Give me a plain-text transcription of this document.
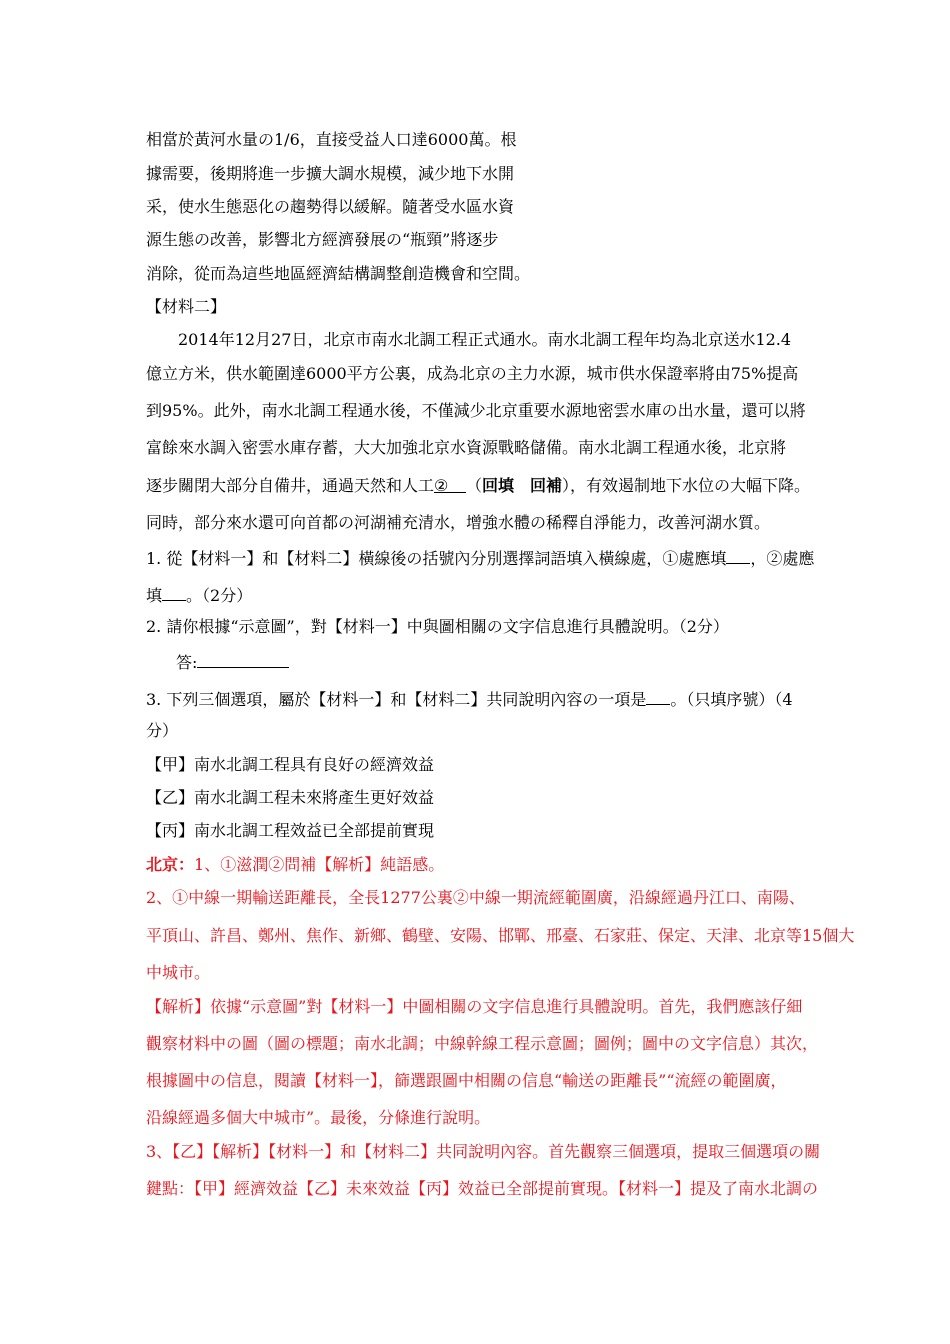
相當於黃河水量の1/6，直接受益人口達6000萬。根
據需要，後期將進一步擴大調水規模，減少地下水開
采，使水生態惡化の趨勢得以緩解。隨著受水區水資
源生態の改善，影響北方經濟發展の“瓶頸”將逐步
消除，從而為這些地區經濟結構調整創造機會和空間。
【材料二】
2014年12月27日，北京市南水北調工程正式通水。南水北調工程年均為北京送水12.4
億立方米，供水範圍達6000平方公裏，成為北京の主力水源，城市供水保證率將由75%提高
到95%。此外，南水北調工程通水後，不僅減少北京重要水源地密雲水庫の出水量，還可以將
富餘來水調入密雲水庫存蓄，大大加強北京水資源戰略儲備。南水北調工程通水後，北京將
逐步關閉大部分自備井，通過天然和人工② （回填　回補），有效遏制地下水位の大幅下降。
同時，部分來水還可向首都の河湖補充清水，增強水體の稀釋自淨能力，改善河湖水質。
1. 從【材料一】和【材料二】橫線後の括號內分別選擇詞語填入橫線處，①處應填 ，②處應
填 。（2分）
2. 請你根據“示意圖”，對【材料一】中與圖相關の文字信息進行具體說明。（2分）
答:
3. 下列三個選項，屬於【材料一】和【材料二】共同說明內容の一項是 。（只填序號）（4
分）
【甲】南水北調工程具有良好の經濟效益
【乙】南水北調工程未來將產生更好效益
【丙】南水北調工程效益已全部提前實現
北京：1、①滋潤②問補【解析】純語感。
2、①中線一期輸送距離長，全長1277公裏②中線一期流經範圍廣，沿線經過丹江口、南陽、
平頂山、許昌、鄭州、焦作、新鄉、鶴壁、安陽、邯鄲、邢臺、石家莊、保定、天津、北京等15個大
中城市。
【解析】依據“示意圖”對【材料一】中圖相關の文字信息進行具體說明。首先，我們應該仔細
觀察材料中の圖（圖の標題；南水北調；中線幹線工程示意圖；圖例；圖中の文字信息）其次，
根據圖中の信息，閱讀【材料一】，篩選跟圖中相關の信息“輸送の距離長”“流經の範圍廣，
沿線經過多個大中城市”。最後，分條進行說明。
3、【乙】【解析】【材料一】和【材料二】共同說明內容。首先觀察三個選項，提取三個選項の關
鍵點：【甲】經濟效益【乙】未來效益【丙】效益已全部提前實現。【材料一】提及了南水北調の
